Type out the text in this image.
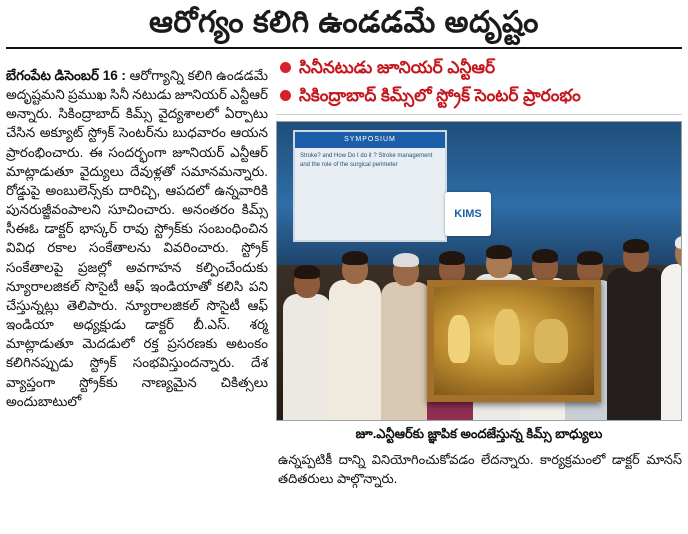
ఆరోగ్యం కలిగి ఉండడమే అదృష్టం

బేగంపేట డిసెంబర్ 16 : ఆరోగ్యాన్ని కలిగి ఉండడమే అదృష్టమని ప్రముఖ సినీ నటుడు జూనియర్ ఎన్టీఆర్ అన్నారు. సికింద్రాబాద్ కిమ్స్ వైద్యశాలలో ఏర్పాటు చేసిన అక్యూట్ స్ట్రోక్ సెంటర్‌ను బుధవారం ఆయన ప్రారంభించారు. ఈ సందర్భంగా జూనియర్ ఎన్టీఆర్ మాట్లాడుతూ వైద్యులు దేవుళ్లతో సమానమన్నారు. రోడ్డుపై అంబులెన్స్‌కు దారిచ్చి, ఆపదలో ఉన్నవారికి పునరుజ్జీవంపాలని సూచించారు. అనంతరం కిమ్స్ సీఈఓ డాక్టర్ భాస్కర్ రావు స్ట్రోక్‌కు సంబంధించిన వివిధ రకాల సంకేతాలను వివరించారు. స్ట్రోక్ సంకేతాలపై ప్రజల్లో అవగాహన కల్పించేందుకు న్యూరాలజికల్ సొసైటీ ఆఫ్ ఇండియాతో కలిసి పని చేస్తున్నట్లు తెలిపారు. న్యూరాలజికల్ సొసైటీ ఆఫ్ ఇండియా అధ్యక్షుడు డాక్టర్ బీ.ఎస్. శర్మ మాట్లాడుతూ మెదడులో రక్త ప్రసరణకు అటంకం కలిగినప్పుడు స్ట్రోక్ సంభవిస్తుందన్నారు. దేశ వ్యాప్తంగా స్ట్రోక్‌కు నాణ్యమైన చికిత్సలు అందుబాటులో

సినీనటుడు జూనియర్ ఎన్టీఆర్
సికింద్రాబాద్ కిమ్స్‌లో స్ట్రోక్ సెంటర్ ప్రారంభం
SYMPOSIUM
Stroke? and How Do I do it ? Stroke management and the role of the surgical perimeter
KIMS
జూ.ఎన్టీఆర్‌కు జ్ఞాపిక అందజేస్తున్న కిమ్స్ బాధ్యులు
ఉన్నప్పటికీ దాన్ని వినియోగించుకోవడం లేదన్నారు. కార్యక్రమంలో డాక్టర్ మానస్ తదితరులు పాల్గొన్నారు.
